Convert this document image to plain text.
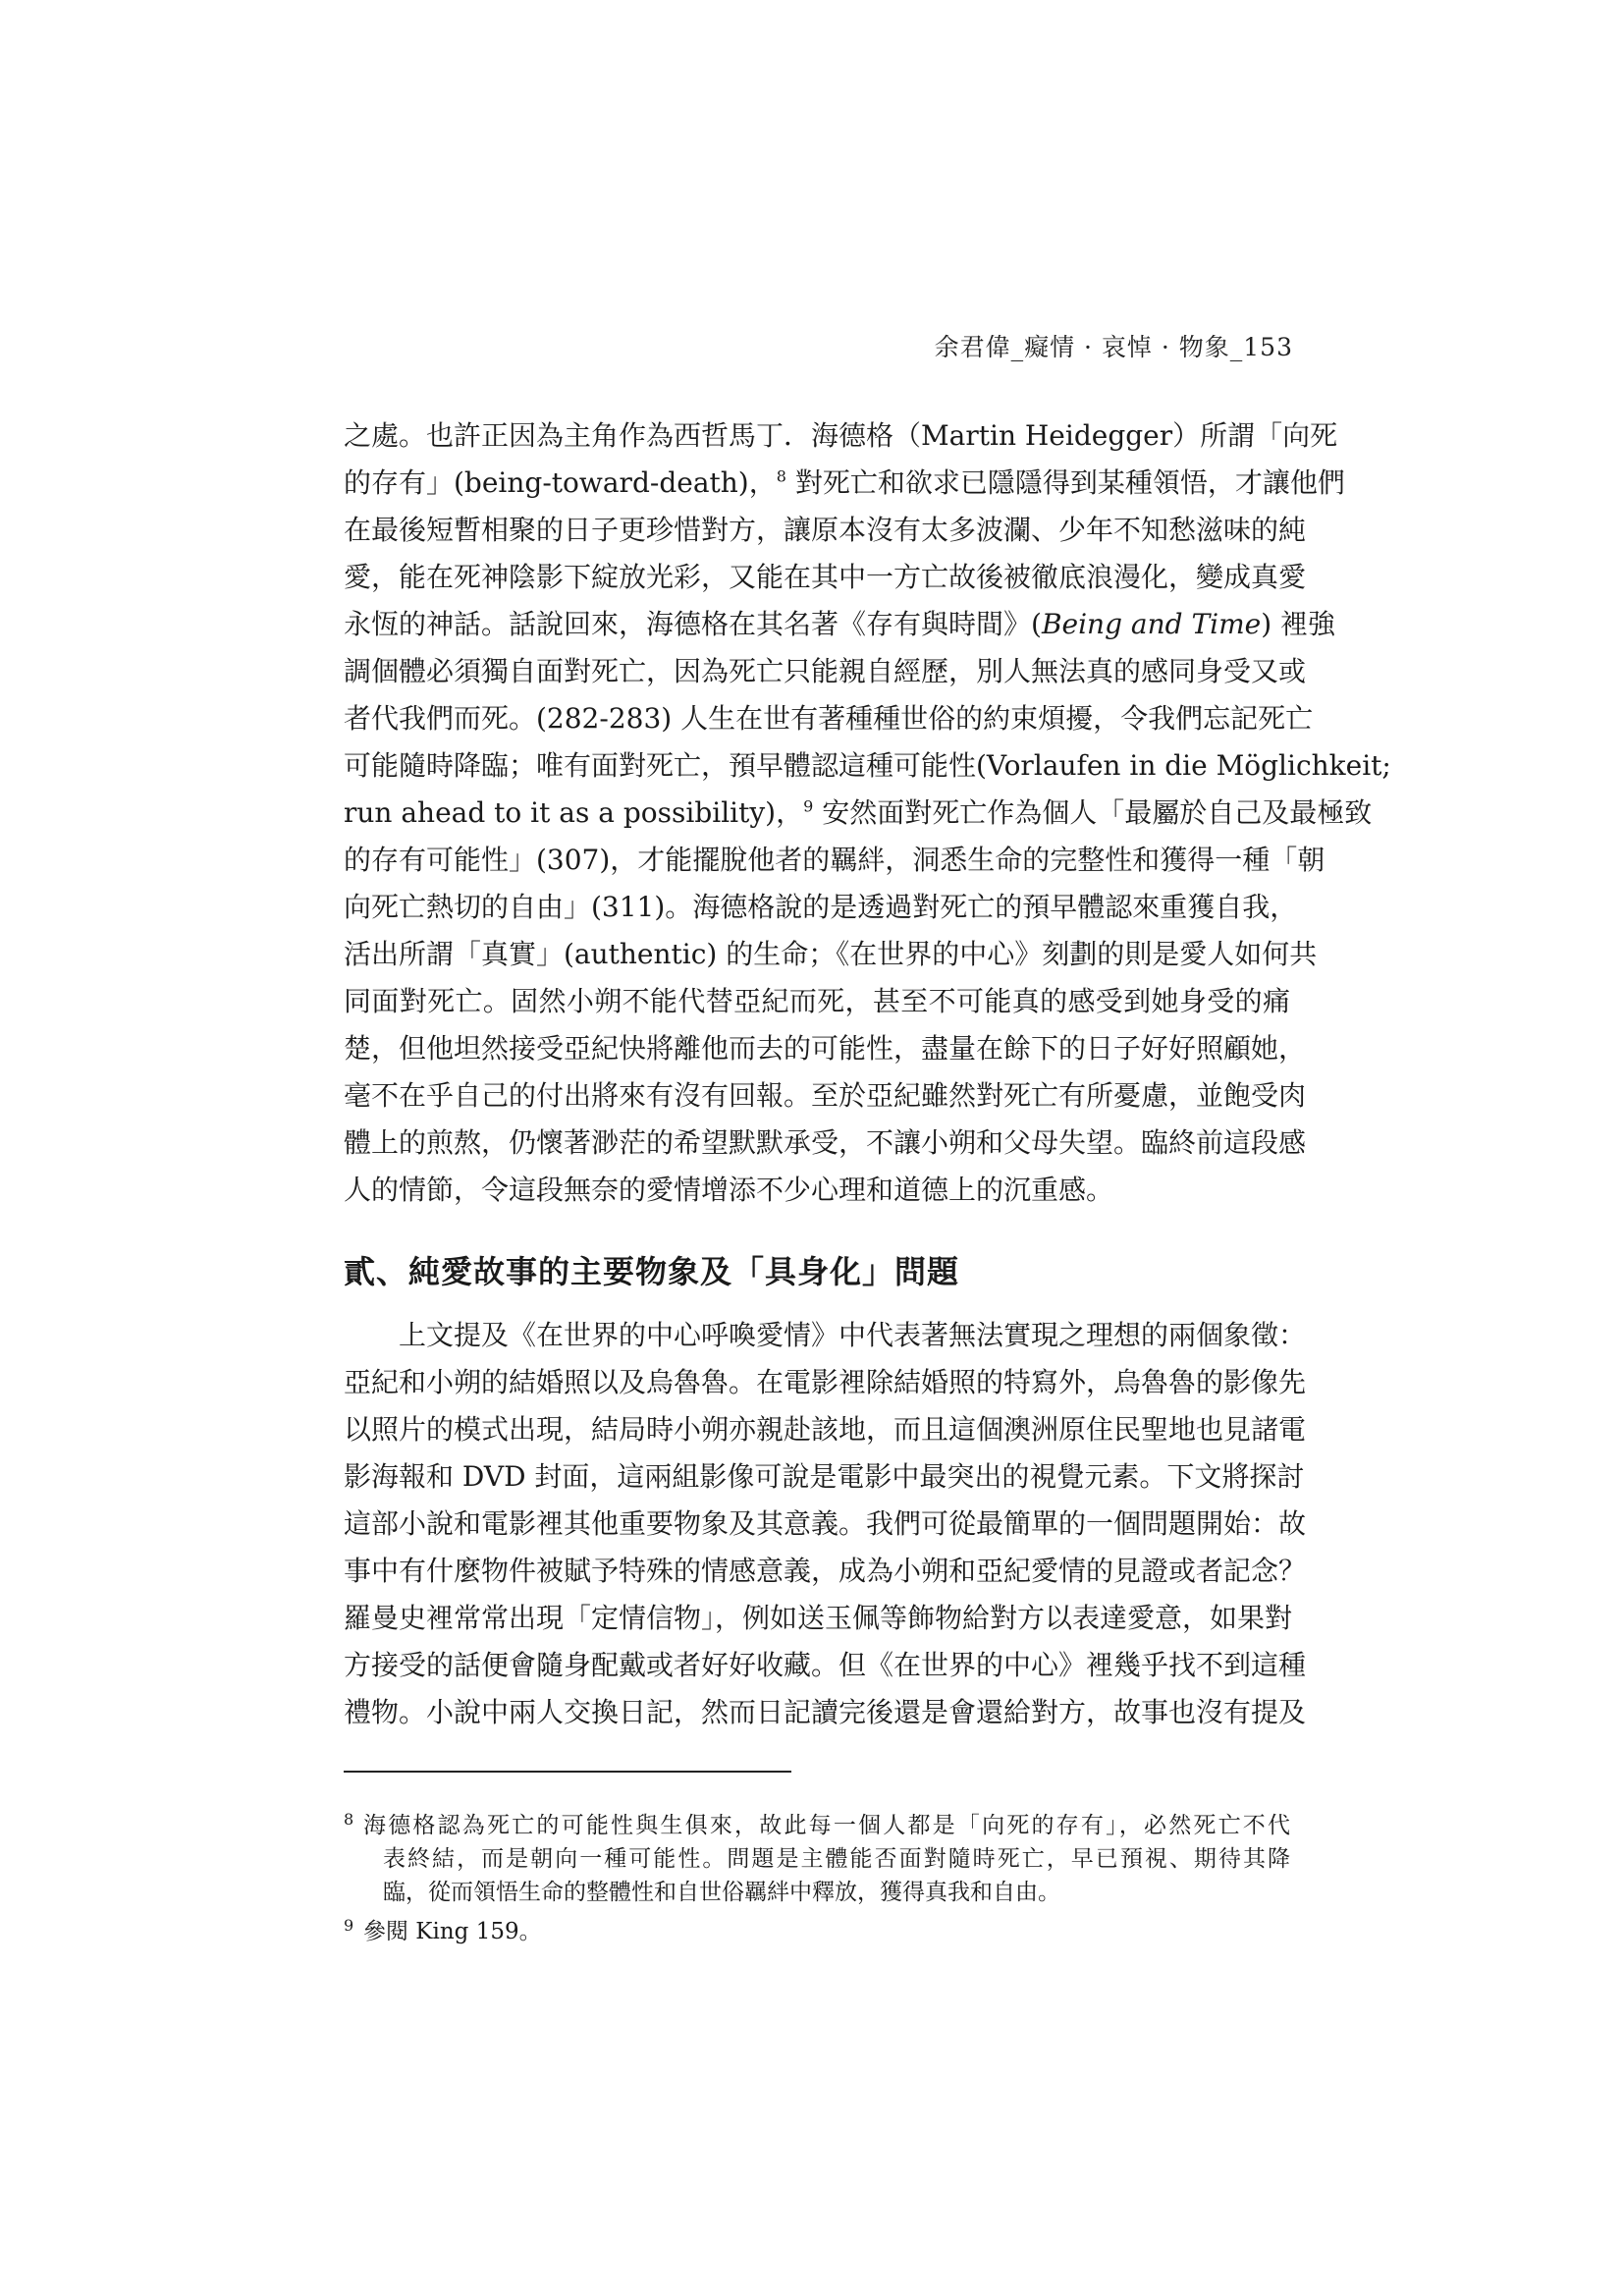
余君偉_癡情 · 哀悼 · 物象_153

之處。也許正因為主角作為西哲馬丁．海德格（Martin Heidegger）所謂「向死
的存有」(being-toward-death)，$^8$ 對死亡和欲求已隱隱得到某種領悟，才讓他們
在最後短暫相聚的日子更珍惜對方，讓原本沒有太多波瀾、少年不知愁滋味的純
愛，能在死神陰影下綻放光彩，又能在其中一方亡故後被徹底浪漫化，變成真愛
永恆的神話。話說回來，海德格在其名著《存有與時間》(Being and Time) 裡強
調個體必須獨自面對死亡，因為死亡只能親自經歷，別人無法真的感同身受又或
者代我們而死。(282-283) 人生在世有著種種世俗的約束煩擾，令我們忘記死亡
可能隨時降臨；唯有面對死亡，預早體認這種可能性(Vorlaufen in die Möglichkeit;
run ahead to it as a possibility)，$^9$ 安然面對死亡作為個人「最屬於自己及最極致
的存有可能性」(307)，才能擺脫他者的羈絆，洞悉生命的完整性和獲得一種「朝
向死亡熱切的自由」(311)。海德格說的是透過對死亡的預早體認來重獲自我，
活出所謂「真實」(authentic) 的生命；《在世界的中心》刻劃的則是愛人如何共
同面對死亡。固然小朔不能代替亞紀而死，甚至不可能真的感受到她身受的痛
楚，但他坦然接受亞紀快將離他而去的可能性，盡量在餘下的日子好好照顧她，
毫不在乎自己的付出將來有沒有回報。至於亞紀雖然對死亡有所憂慮，並飽受肉
體上的煎熬，仍懷著渺茫的希望默默承受，不讓小朔和父母失望。臨終前這段感
人的情節，令這段無奈的愛情增添不少心理和道德上的沉重感。

貳、純愛故事的主要物象及「具身化」問題

上文提及《在世界的中心呼喚愛情》中代表著無法實現之理想的兩個象徵：
亞紀和小朔的結婚照以及烏魯魯。在電影裡除結婚照的特寫外，烏魯魯的影像先
以照片的模式出現，結局時小朔亦親赴該地，而且這個澳洲原住民聖地也見諸電
影海報和 DVD 封面，這兩組影像可說是電影中最突出的視覺元素。下文將探討
這部小說和電影裡其他重要物象及其意義。我們可從最簡單的一個問題開始：故
事中有什麼物件被賦予特殊的情感意義，成為小朔和亞紀愛情的見證或者記念？
羅曼史裡常常出現「定情信物」，例如送玉佩等飾物給對方以表達愛意，如果對
方接受的話便會隨身配戴或者好好收藏。但《在世界的中心》裡幾乎找不到這種
禮物。小說中兩人交換日記，然而日記讀完後還是會還給對方，故事也沒有提及

8 海德格認為死亡的可能性與生俱來，故此每一個人都是「向死的存有」，必然死亡不代
表終結，而是朝向一種可能性。問題是主體能否面對隨時死亡，早已預視、期待其降
臨，從而領悟生命的整體性和自世俗羈絆中釋放，獲得真我和自由。
9 參閱 King 159。
